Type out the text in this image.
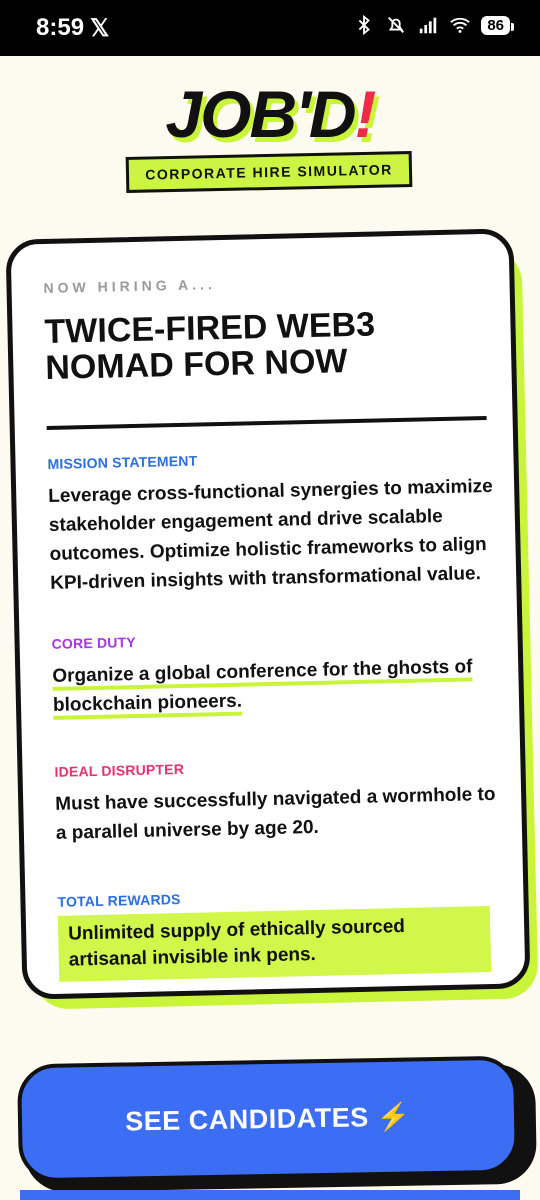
8:59 𝕏	86
JOB'D!
CORPORATE HIRE SIMULATOR
NOW HIRING A...
TWICE-FIRED WEB3 NOMAD FOR NOW
MISSION STATEMENT
Leverage cross-functional synergies to maximize stakeholder engagement and drive scalable outcomes. Optimize holistic frameworks to align KPI-driven insights with transformational value.
CORE DUTY
Organize a global conference for the ghosts of blockchain pioneers.
IDEAL DISRUPTER
Must have successfully navigated a wormhole to a parallel universe by age 20.
TOTAL REWARDS
Unlimited supply of ethically sourced artisanal invisible ink pens.
SEE CANDIDATES ⚡
